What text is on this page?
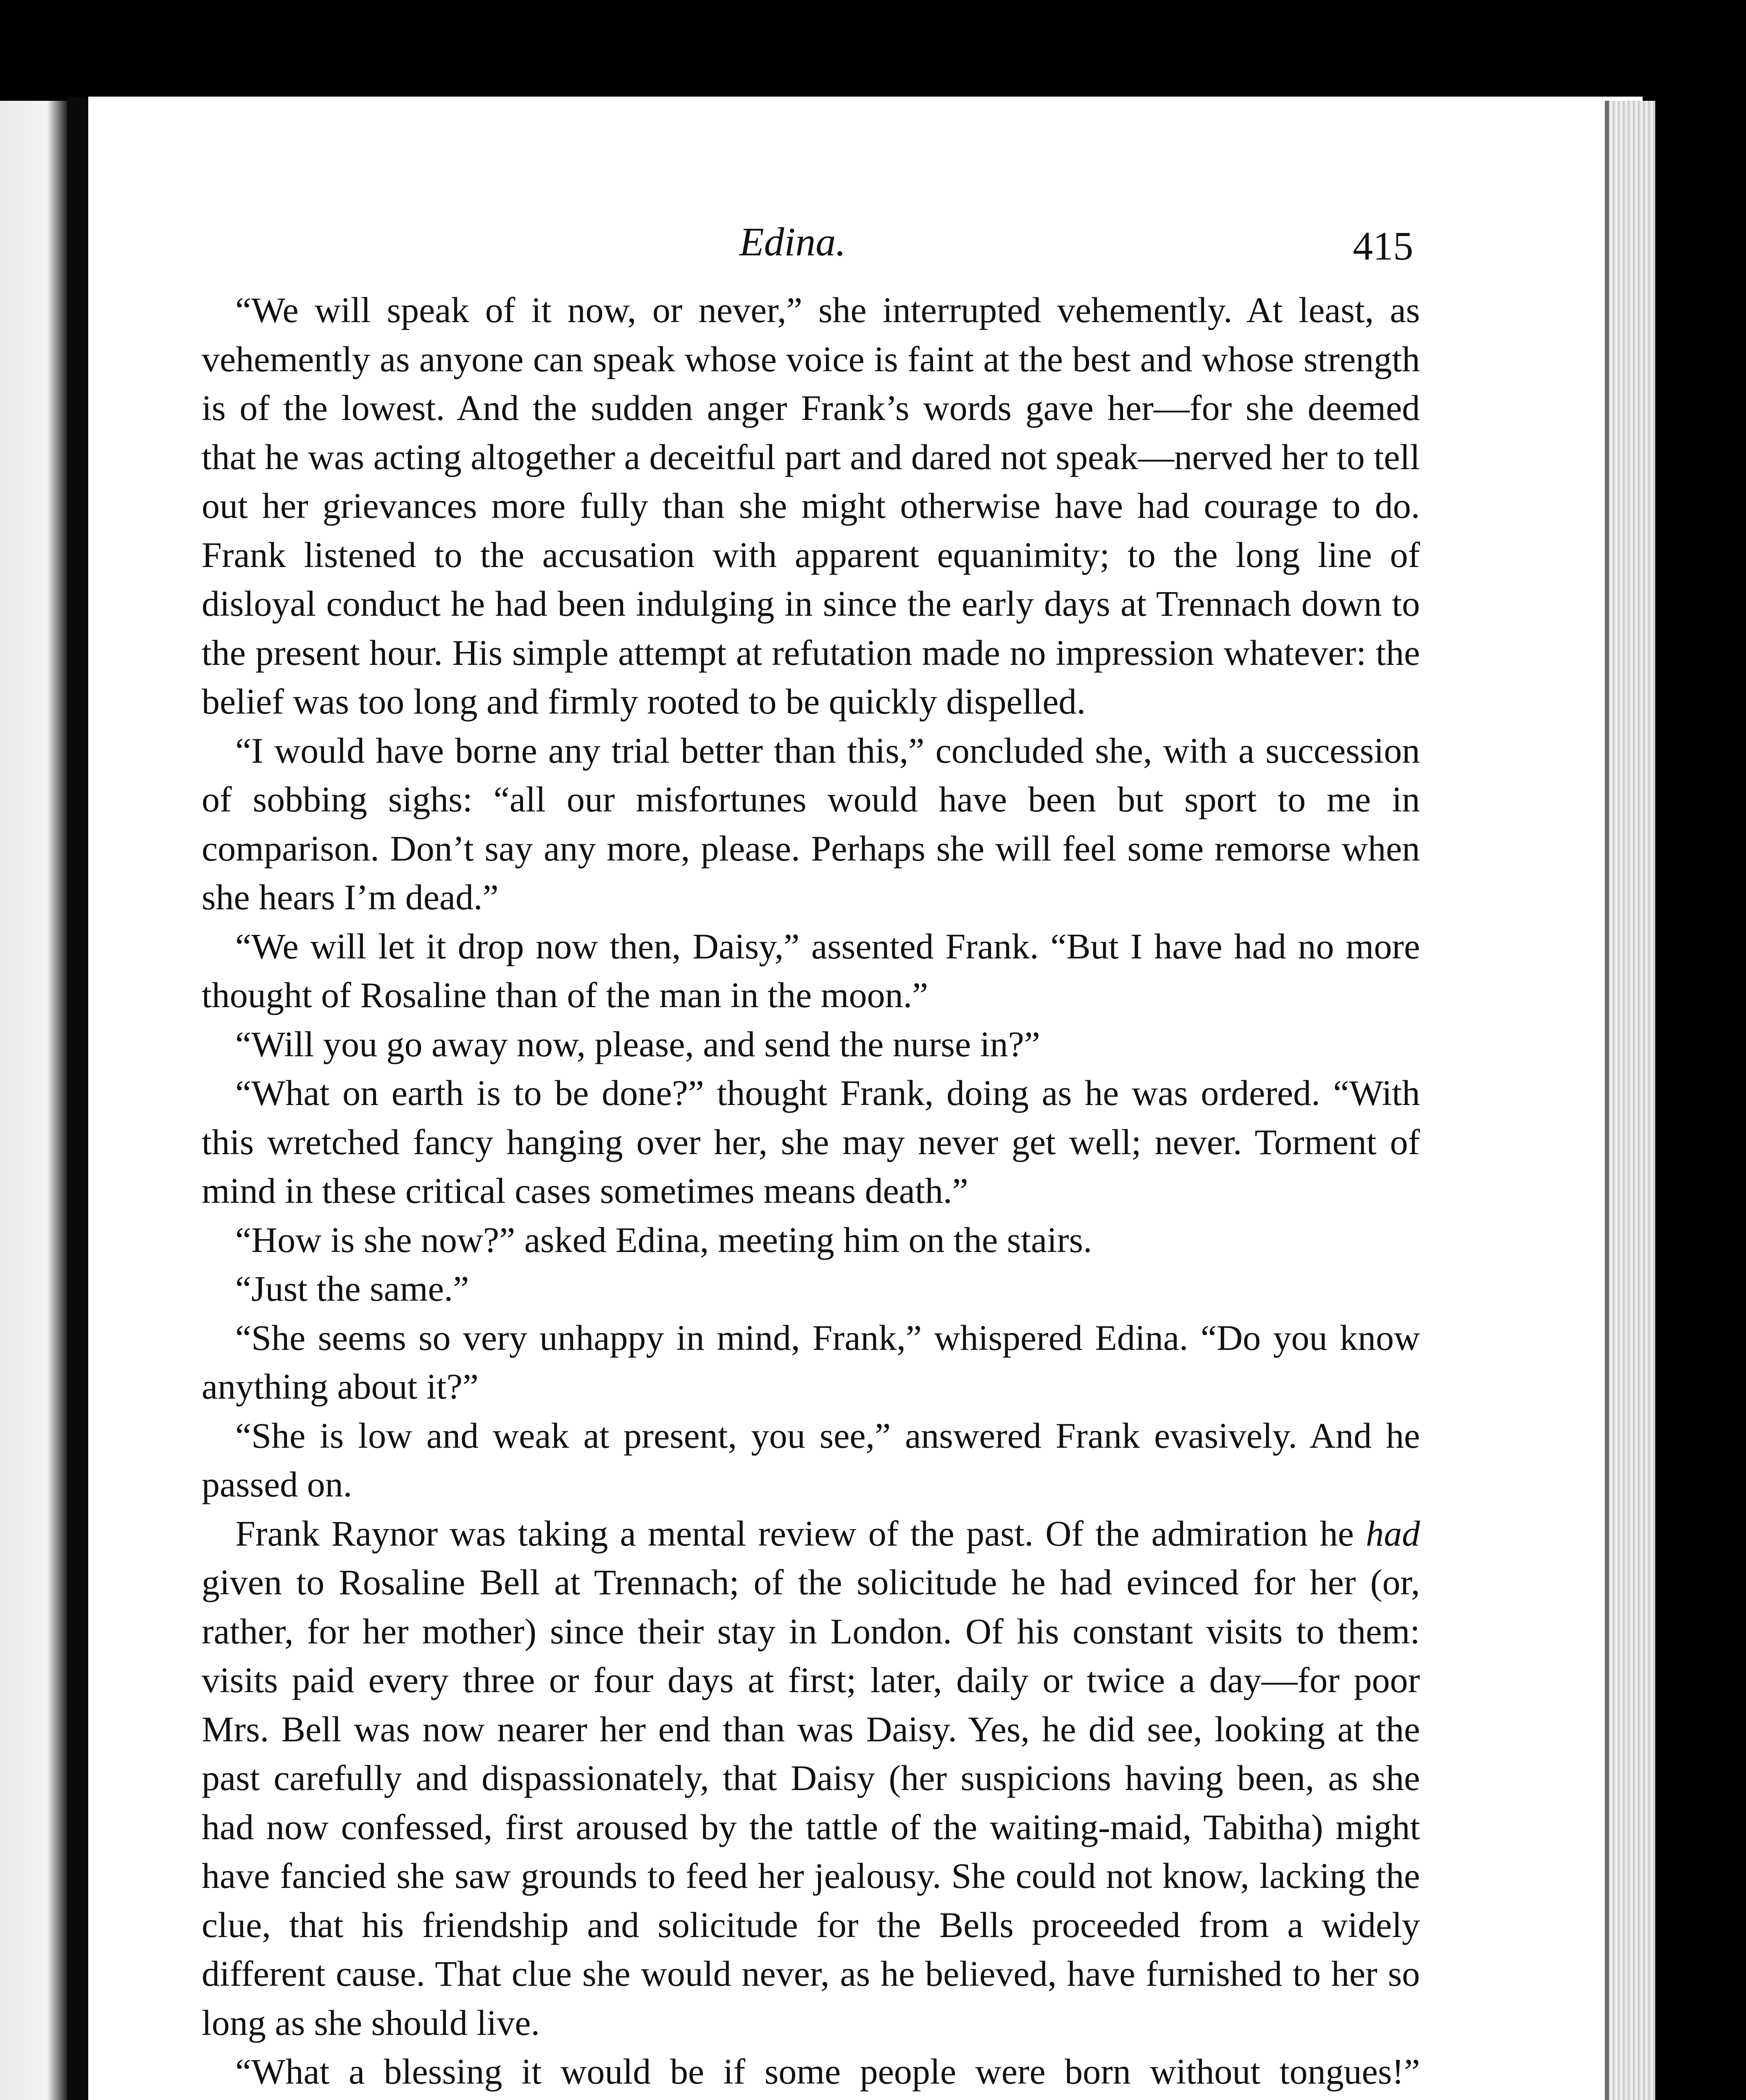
Edina.	415

“We will speak of it now, or never,” she interrupted vehemently. At least, as vehemently as anyone can speak whose voice is faint at the best and whose strength is of the lowest. And the sudden anger Frank’s words gave her—for she deemed that he was acting altogether a deceitful part and dared not speak—nerved her to tell out her grievances more fully than she might otherwise have had courage to do. Frank listened to the accusation with apparent equanimity; to the long line of disloyal conduct he had been indulging in since the early days at Trennach down to the present hour. His simple attempt at refutation made no impression whatever: the belief was too long and firmly rooted to be quickly dispelled.

“I would have borne any trial better than this,” concluded she, with a succession of sobbing sighs: “all our misfortunes would have been but sport to me in comparison. Don’t say any more, please. Perhaps she will feel some remorse when she hears I’m dead.”

“We will let it drop now then, Daisy,” assented Frank. “But I have had no more thought of Rosaline than of the man in the moon.”

“Will you go away now, please, and send the nurse in?”

“What on earth is to be done?” thought Frank, doing as he was ordered. “With this wretched fancy hanging over her, she may never get well; never. Torment of mind in these critical cases sometimes means death.”

“How is she now?” asked Edina, meeting him on the stairs.

“Just the same.”

“She seems so very unhappy in mind, Frank,” whispered Edina. “Do you know anything about it?”

“She is low and weak at present, you see,” answered Frank evasively. And he passed on.

Frank Raynor was taking a mental review of the past. Of the admiration he had given to Rosaline Bell at Trennach; of the solicitude he had evinced for her (or, rather, for her mother) since their stay in London. Of his constant visits to them: visits paid every three or four days at first; later, daily or twice a day—for poor Mrs. Bell was now nearer her end than was Daisy. Yes, he did see, looking at the past carefully and dispassionately, that Daisy (her suspicions having been, as she had now confessed, first aroused by the tattle of the waiting-maid, Tabitha) might have fancied she saw grounds to feed her jealousy. She could not know, lacking the clue, that his friendship and solicitude for the Bells proceeded from a widely different cause. That clue she would never, as he believed, have furnished to her so long as she should live.

“What a blessing it would be if some people were born without tongues!”
